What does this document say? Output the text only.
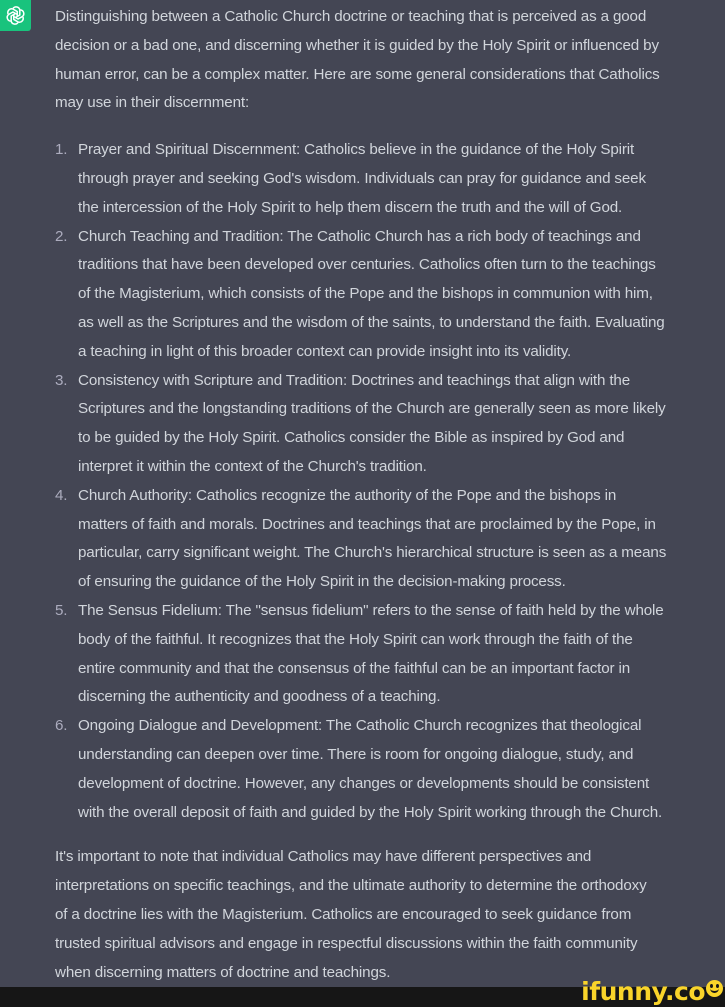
Distinguishing between a Catholic Church doctrine or teaching that is perceived as a good
decision or a bad one, and discerning whether it is guided by the Holy Spirit or influenced by
human error, can be a complex matter. Here are some general considerations that Catholics
may use in their discernment:

1. Prayer and Spiritual Discernment: Catholics believe in the guidance of the Holy Spirit
through prayer and seeking God's wisdom. Individuals can pray for guidance and seek
the intercession of the Holy Spirit to help them discern the truth and the will of God.
2. Church Teaching and Tradition: The Catholic Church has a rich body of teachings and
traditions that have been developed over centuries. Catholics often turn to the teachings
of the Magisterium, which consists of the Pope and the bishops in communion with him,
as well as the Scriptures and the wisdom of the saints, to understand the faith. Evaluating
a teaching in light of this broader context can provide insight into its validity.
3. Consistency with Scripture and Tradition: Doctrines and teachings that align with the
Scriptures and the longstanding traditions of the Church are generally seen as more likely
to be guided by the Holy Spirit. Catholics consider the Bible as inspired by God and
interpret it within the context of the Church's tradition.
4. Church Authority: Catholics recognize the authority of the Pope and the bishops in
matters of faith and morals. Doctrines and teachings that are proclaimed by the Pope, in
particular, carry significant weight. The Church's hierarchical structure is seen as a means
of ensuring the guidance of the Holy Spirit in the decision-making process.
5. The Sensus Fidelium: The "sensus fidelium" refers to the sense of faith held by the whole
body of the faithful. It recognizes that the Holy Spirit can work through the faith of the
entire community and that the consensus of the faithful can be an important factor in
discerning the authenticity and goodness of a teaching.
6. Ongoing Dialogue and Development: The Catholic Church recognizes that theological
understanding can deepen over time. There is room for ongoing dialogue, study, and
development of doctrine. However, any changes or developments should be consistent
with the overall deposit of faith and guided by the Holy Spirit working through the Church.

It's important to note that individual Catholics may have different perspectives and
interpretations on specific teachings, and the ultimate authority to determine the orthodoxy
of a doctrine lies with the Magisterium. Catholics are encouraged to seek guidance from
trusted spiritual advisors and engage in respectful discussions within the faith community
when discerning matters of doctrine and teachings.

ifunny.co
